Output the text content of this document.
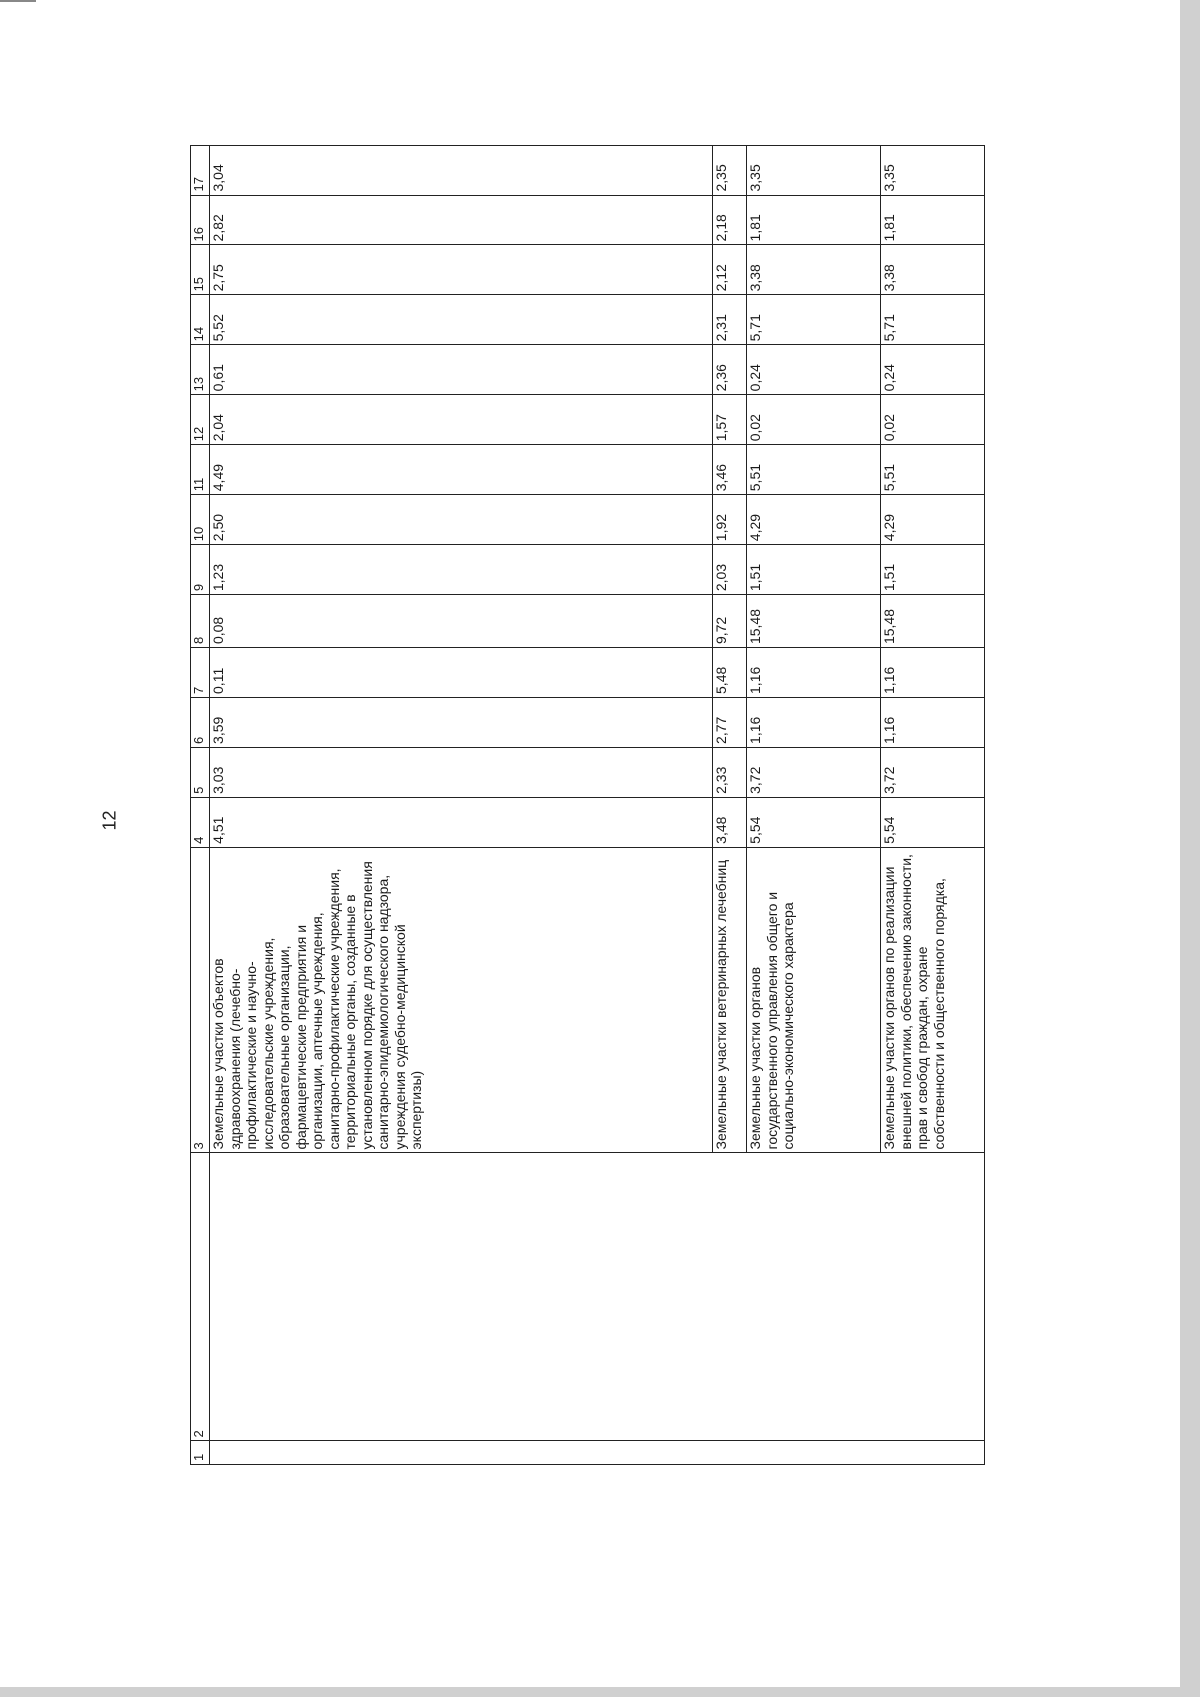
12
1	2	3	4	5	6	7	8	9	10	11	12	13	14	15	16	17
		Земельные участки объектов здравоохранения (лечебно-профилактические и научно-исследовательские учреждения, образовательные организации, фармацевтические предприятия и организации, аптечные учреждения, санитарно-профилактические учреждения, территориальные органы, созданные в установленном порядке для осуществления санитарно-эпидемиологического надзора, учреждения судебно-медицинской экспертизы)	4,51	3,03	3,59	0,11	0,08	1,23	2,50	4,49	2,04	0,61	5,52	2,75	2,82	3,04
		Земельные участки ветеринарных лечебниц	3,48	2,33	2,77	5,48	9,72	2,03	1,92	3,46	1,57	2,36	2,31	2,12	2,18	2,35
		Земельные участки органов государственного управления общего и социально-экономического характера	5,54	3,72	1,16	1,16	15,48	1,51	4,29	5,51	0,02	0,24	5,71	3,38	1,81	3,35
		Земельные участки органов по реализации внешней политики, обеспечению законности, прав и свобод граждан, охране собственности и общественного порядка,	5,54	3,72	1,16	1,16	15,48	1,51	4,29	5,51	0,02	0,24	5,71	3,38	1,81	3,35
